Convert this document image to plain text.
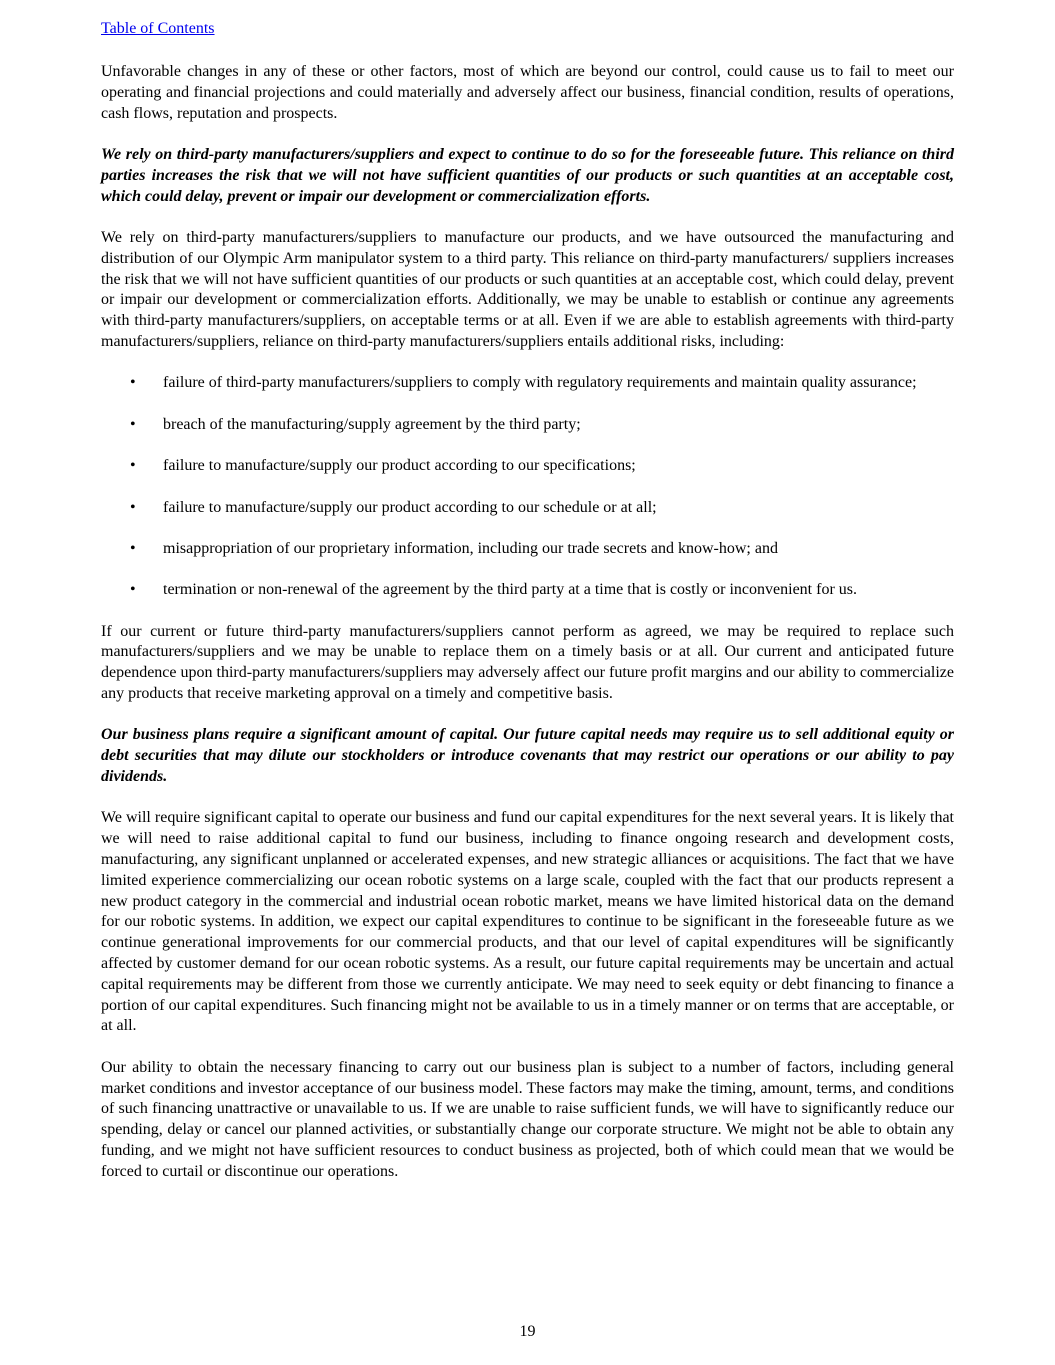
Table of Contents

Unfavorable changes in any of these or other factors, most of which are beyond our control, could cause us to fail to meet our operating and financial projections and could materially and adversely affect our business, financial condition, results of operations, cash flows, reputation and prospects.

We rely on third-party manufacturers/suppliers and expect to continue to do so for the foreseeable future. This reliance on third parties increases the risk that we will not have sufficient quantities of our products or such quantities at an acceptable cost, which could delay, prevent or impair our development or commercialization efforts.

We rely on third-party manufacturers/suppliers to manufacture our products, and we have outsourced the manufacturing and distribution of our Olympic Arm manipulator system to a third party. This reliance on third-party manufacturers/ suppliers increases the risk that we will not have sufficient quantities of our products or such quantities at an acceptable cost, which could delay, prevent or impair our development or commercialization efforts. Additionally, we may be unable to establish or continue any agreements with third-party manufacturers/suppliers, on acceptable terms or at all. Even if we are able to establish agreements with third-party manufacturers/suppliers, reliance on third-party manufacturers/suppliers entails additional risks, including:

• failure of third-party manufacturers/suppliers to comply with regulatory requirements and maintain quality assurance;
• breach of the manufacturing/supply agreement by the third party;
• failure to manufacture/supply our product according to our specifications;
• failure to manufacture/supply our product according to our schedule or at all;
• misappropriation of our proprietary information, including our trade secrets and know-how; and
• termination or non-renewal of the agreement by the third party at a time that is costly or inconvenient for us.

If our current or future third-party manufacturers/suppliers cannot perform as agreed, we may be required to replace such manufacturers/suppliers and we may be unable to replace them on a timely basis or at all. Our current and anticipated future dependence upon third-party manufacturers/suppliers may adversely affect our future profit margins and our ability to commercialize any products that receive marketing approval on a timely and competitive basis.

Our business plans require a significant amount of capital. Our future capital needs may require us to sell additional equity or debt securities that may dilute our stockholders or introduce covenants that may restrict our operations or our ability to pay dividends.

We will require significant capital to operate our business and fund our capital expenditures for the next several years. It is likely that we will need to raise additional capital to fund our business, including to finance ongoing research and development costs, manufacturing, any significant unplanned or accelerated expenses, and new strategic alliances or acquisitions. The fact that we have limited experience commercializing our ocean robotic systems on a large scale, coupled with the fact that our products represent a new product category in the commercial and industrial ocean robotic market, means we have limited historical data on the demand for our robotic systems. In addition, we expect our capital expenditures to continue to be significant in the foreseeable future as we continue generational improvements for our commercial products, and that our level of capital expenditures will be significantly affected by customer demand for our ocean robotic systems. As a result, our future capital requirements may be uncertain and actual capital requirements may be different from those we currently anticipate. We may need to seek equity or debt financing to finance a portion of our capital expenditures. Such financing might not be available to us in a timely manner or on terms that are acceptable, or at all.

Our ability to obtain the necessary financing to carry out our business plan is subject to a number of factors, including general market conditions and investor acceptance of our business model. These factors may make the timing, amount, terms, and conditions of such financing unattractive or unavailable to us. If we are unable to raise sufficient funds, we will have to significantly reduce our spending, delay or cancel our planned activities, or substantially change our corporate structure. We might not be able to obtain any funding, and we might not have sufficient resources to conduct business as projected, both of which could mean that we would be forced to curtail or discontinue our operations.

19
